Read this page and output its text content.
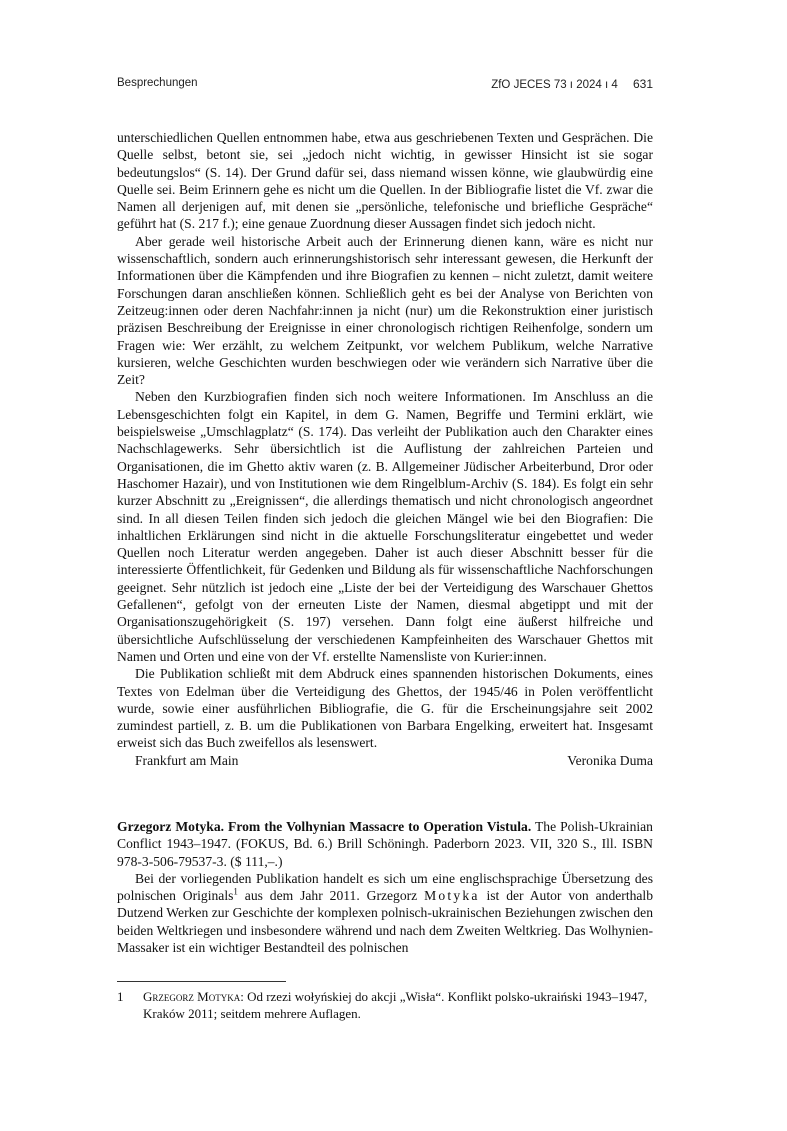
Besprechungen	ZfO JECES 73 ı 2024 ı 4 631

unterschiedlichen Quellen entnommen habe, etwa aus geschriebenen Texten und Gesprächen. Die Quelle selbst, betont sie, sei „jedoch nicht wichtig, in gewisser Hinsicht ist sie sogar bedeutungslos“ (S. 14). Der Grund dafür sei, dass niemand wissen könne, wie glaubwürdig eine Quelle sei. Beim Erinnern gehe es nicht um die Quellen. In der Bibliografie listet die Vf. zwar die Namen all derjenigen auf, mit denen sie „persönliche, telefonische und briefliche Gespräche“ geführt hat (S. 217 f.); eine genaue Zuordnung dieser Aussagen findet sich jedoch nicht.

Aber gerade weil historische Arbeit auch der Erinnerung dienen kann, wäre es nicht nur wissenschaftlich, sondern auch erinnerungshistorisch sehr interessant gewesen, die Herkunft der Informationen über die Kämpfenden und ihre Biografien zu kennen – nicht zuletzt, damit weitere Forschungen daran anschließen können. Schließlich geht es bei der Analyse von Berichten von Zeitzeug:innen oder deren Nachfahr:innen ja nicht (nur) um die Rekonstruktion einer juristisch präzisen Beschreibung der Ereignisse in einer chronologisch richtigen Reihenfolge, sondern um Fragen wie: Wer erzählt, zu welchem Zeitpunkt, vor welchem Publikum, welche Narrative kursieren, welche Geschichten wurden beschwiegen oder wie verändern sich Narrative über die Zeit?

Neben den Kurzbiografien finden sich noch weitere Informationen. Im Anschluss an die Lebensgeschichten folgt ein Kapitel, in dem G. Namen, Begriffe und Termini erklärt, wie beispielsweise „Umschlagplatz“ (S. 174). Das verleiht der Publikation auch den Charakter eines Nachschlagewerks. Sehr übersichtlich ist die Auflistung der zahlreichen Parteien und Organisationen, die im Ghetto aktiv waren (z. B. Allgemeiner Jüdischer Arbeiterbund, Dror oder Haschomer Hazair), und von Institutionen wie dem Ringelblum-Archiv (S. 184). Es folgt ein sehr kurzer Abschnitt zu „Ereignissen“, die allerdings thematisch und nicht chronologisch angeordnet sind. In all diesen Teilen finden sich jedoch die gleichen Mängel wie bei den Biografien: Die inhaltlichen Erklärungen sind nicht in die aktuelle Forschungsliteratur eingebettet und weder Quellen noch Literatur werden angegeben. Daher ist auch dieser Abschnitt besser für die interessierte Öffentlichkeit, für Gedenken und Bildung als für wissenschaftliche Nachforschungen geeignet. Sehr nützlich ist jedoch eine „Liste der bei der Verteidigung des Warschauer Ghettos Gefallenen“, gefolgt von der erneuten Liste der Namen, diesmal abgetippt und mit der Organisationszugehörigkeit (S. 197) versehen. Dann folgt eine äußerst hilfreiche und übersichtliche Aufschlüsselung der verschiedenen Kampfeinheiten des Warschauer Ghettos mit Namen und Orten und eine von der Vf. erstellte Namensliste von Kurier:innen.

Die Publikation schließt mit dem Abdruck eines spannenden historischen Dokuments, eines Textes von Edelman über die Verteidigung des Ghettos, der 1945/46 in Polen veröffentlicht wurde, sowie einer ausführlichen Bibliografie, die G. für die Erscheinungsjahre seit 2002 zumindest partiell, z. B. um die Publikationen von Barbara Engelking, erweitert hat. Insgesamt erweist sich das Buch zweifellos als lesenswert.

Frankfurt am Main	Veronika Duma

Grzegorz Motyka. From the Volhynian Massacre to Operation Vistula. The Polish-Ukrainian Conflict 1943–1947. (FOKUS, Bd. 6.) Brill Schöningh. Paderborn 2023. VII, 320 S., Ill. ISBN 978-3-506-79537-3. ($ 111,–.)

Bei der vorliegenden Publikation handelt es sich um eine englischsprachige Übersetzung des polnischen Originals$^1$ aus dem Jahr 2011. Grzegorz Motyka ist der Autor von anderthalb Dutzend Werken zur Geschichte der komplexen polnisch-ukrainischen Beziehungen zwischen den beiden Weltkriegen und insbesondere während und nach dem Zweiten Weltkrieg. Das Wolhynien-Massaker ist ein wichtiger Bestandteil des polnischen

1 Grzegorz Motyka: Od rzezi wołyńskiej do akcji „Wisła“. Konflikt polsko-ukraiński 1943–1947, Kraków 2011; seitdem mehrere Auflagen.
